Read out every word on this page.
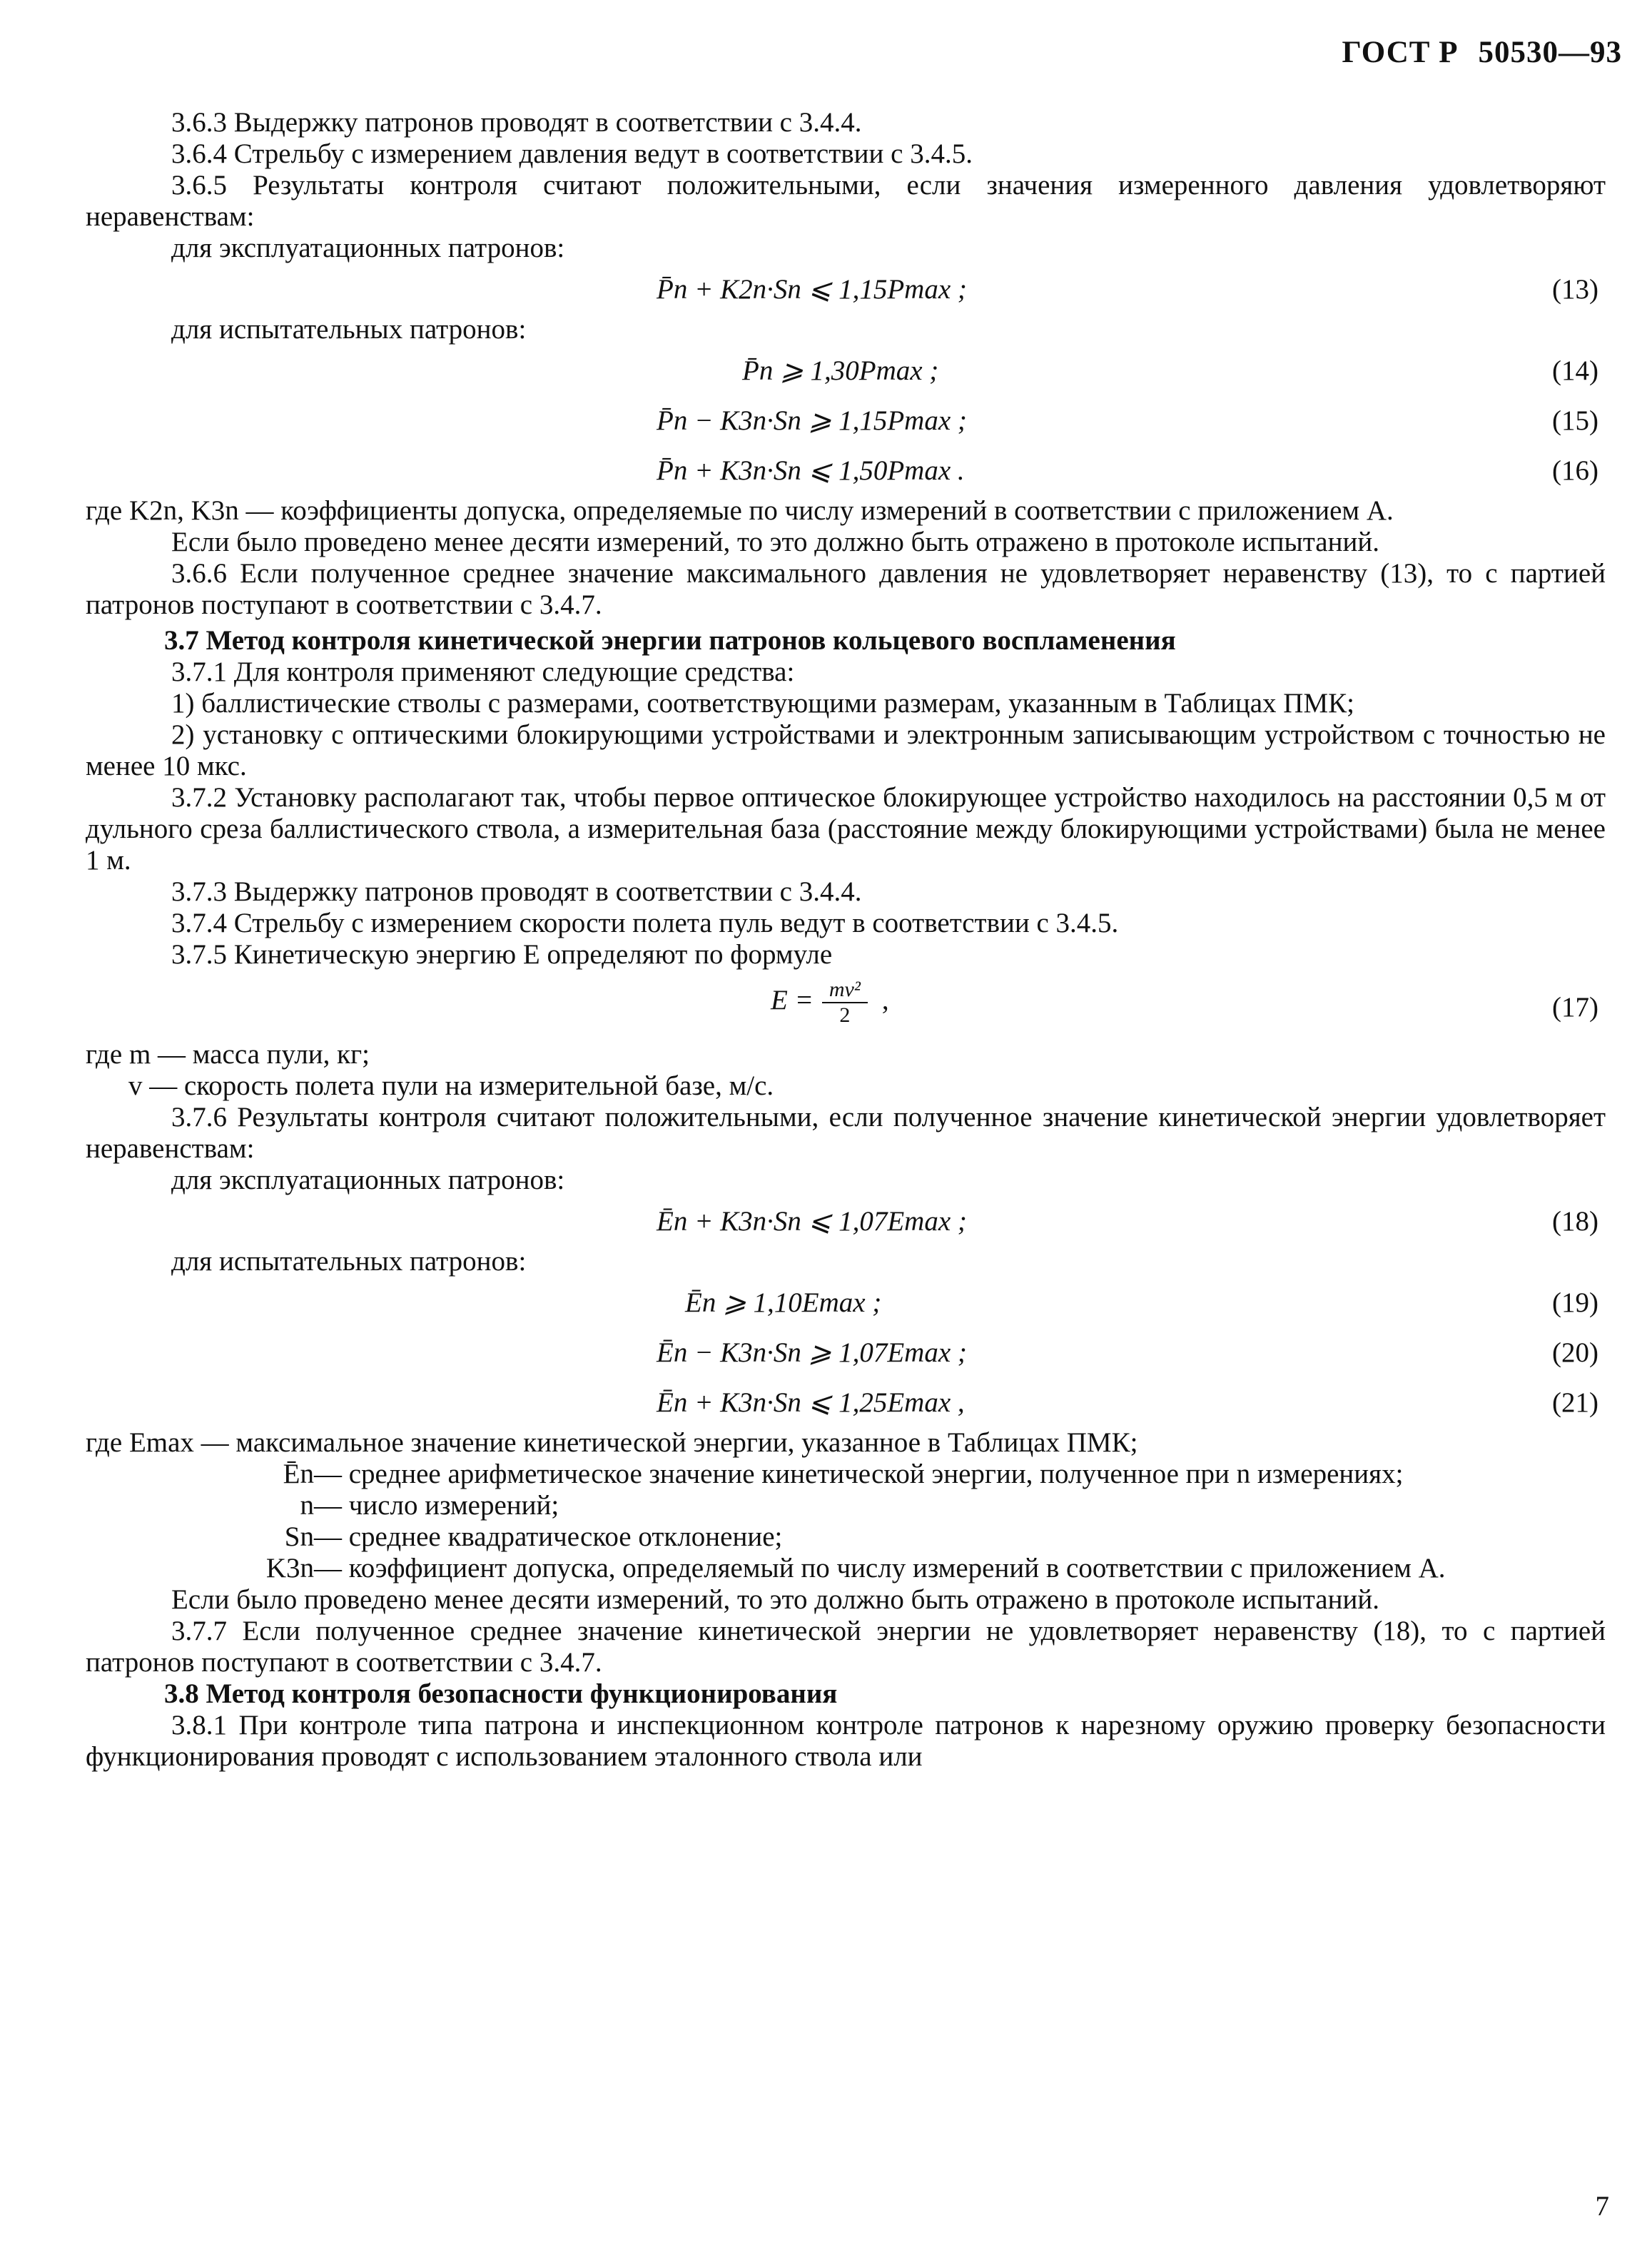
ГОСТ Р 50530—93

3.6.3 Выдержку патронов проводят в соответствии с 3.4.4.

3.6.4 Стрельбу с измерением давления ведут в соответствии с 3.4.5.

3.6.5 Результаты контроля считают положительными, если значения измеренного давления удовлетворяют неравенствам:

для эксплуатационных патронов:

P̄n + K2n·Sn ⩽ 1,15Pmax ;	(13)

для испытательных патронов:

P̄n ⩾ 1,30Pmax ;	(14)
P̄n − K3n·Sn ⩾ 1,15Pmax ;	(15)
P̄n + K3n·Sn ⩽ 1,50Pmax .	(16)

где K2n, K3n — коэффициенты допуска, определяемые по числу измерений в соответствии с приложением А.

Если было проведено менее десяти измерений, то это должно быть отражено в протоколе испытаний.

3.6.6 Если полученное среднее значение максимального давления не удовлетворяет неравенству (13), то с партией патронов поступают в соответствии с 3.4.7.

3.7 Метод контроля кинетической энергии патронов кольцевого воспламенения

3.7.1 Для контроля применяют следующие средства:

1) баллистические стволы с размерами, соответствующими размерам, указанным в Таблицах ПМК;

2) установку с оптическими блокирующими устройствами и электронным записывающим устройством с точностью не менее 10 мкс.

3.7.2 Установку располагают так, чтобы первое оптическое блокирующее устройство находилось на расстоянии 0,5 м от дульного среза баллистического ствола, а измерительная база (расстояние между блокирующими устройствами) была не менее 1 м.

3.7.3 Выдержку патронов проводят в соответствии с 3.4.4.

3.7.4 Стрельбу с измерением скорости полета пуль ведут в соответствии с 3.4.5.

3.7.5 Кинетическую энергию E определяют по формуле

$E = \frac{\text{mv²}}{2}$ ,	(17)

где m — масса пули, кг;

v — скорость полета пули на измерительной базе, м/с.

3.7.6 Результаты контроля считают положительными, если полученное значение кинетической энергии удовлетворяет неравенствам:

для эксплуатационных патронов:

Ēn + K3n·Sn ⩽ 1,07Emax ;	(18)

для испытательных патронов:

Ēn ⩾ 1,10Emax ;	(19)
Ēn − K3n·Sn ⩾ 1,07Emax ;	(20)
Ēn + K3n·Sn ⩽ 1,25Emax ,	(21)

где Emax — максимальное значение кинетической энергии, указанное в Таблицах ПМК;

Ēn — среднее арифметическое значение кинетической энергии, полученное при n измерениях;

n — число измерений;

Sn — среднее квадратическое отклонение;

K3n — коэффициент допуска, определяемый по числу измерений в соответствии с приложением А.

Если было проведено менее десяти измерений, то это должно быть отражено в протоколе испытаний.

3.7.7 Если полученное среднее значение кинетической энергии не удовлетворяет неравенству (18), то с партией патронов поступают в соответствии с 3.4.7.

3.8 Метод контроля безопасности функционирования

3.8.1 При контроле типа патрона и инспекционном контроле патронов к нарезному оружию проверку безопасности функционирования проводят с использованием эталонного ствола или

7
